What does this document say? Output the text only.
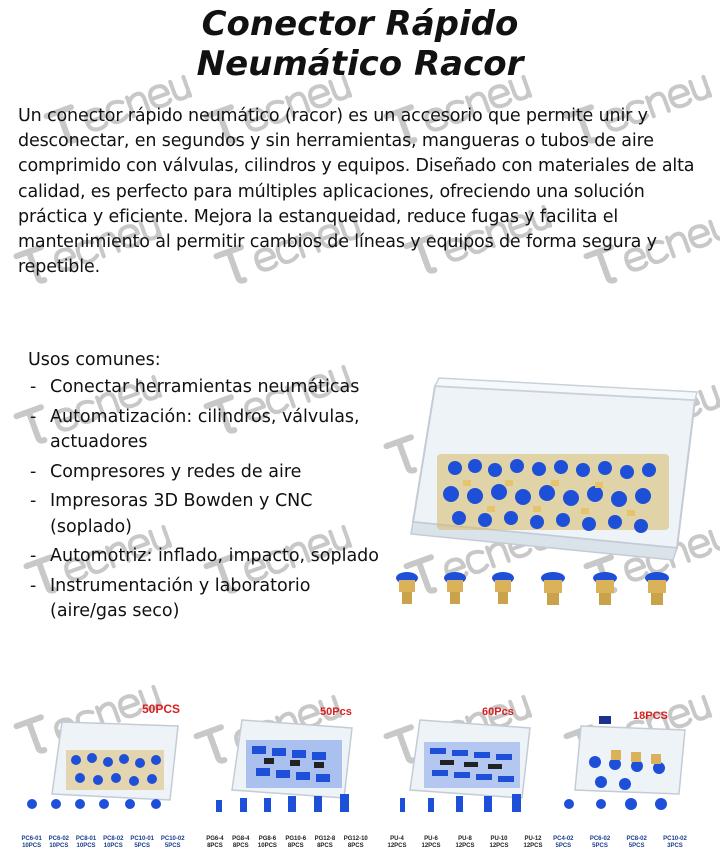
Conector Rápido
Neumático Racor

Un conector rápido neumático (racor) es un accesorio que permite unir y desconectar, en segundos y sin herramientas, mangueras o tubos de aire comprimido con válvulas, cilindros y equipos. Diseñado con materiales de alta calidad, es perfecto para múltiples aplicaciones, ofreciendo una solución práctica y eficiente. Mejora la estanqueidad, reduce fugas y facilita el mantenimiento al permitir cambios de líneas y equipos de forma segura y repetible.

Usos comunes:
- Conectar herramientas neumáticas
- Automatización: cilindros, válvulas, actuadores
- Compresores y redes de aire
- Impresoras 3D Bowden y CNC (soplado)
- Automotriz: inflado, impacto, soplado
- Instrumentación y laboratorio (aire/gas seco)
50PCS
PC6-01
10PCS
PC6-02
10PCS
PC8-01
10PCS
PC8-02
10PCS
PC10-01
5PCS
PC10-02
5PCS
50Pcs
PG6-4
8PCS
PG8-4
8PCS
PG8-6
10PCS
PG10-6
8PCS
PG12-8
8PCS
PG12-10
8PCS
60Pcs
PU-4
12PCS
PU-6
12PCS
PU-8
12PCS
PU-10
12PCS
PU-12
12PCS
18PCS
PC4-02
5PCS
PC6-02
5PCS
PC8-02
5PCS
PC10-02
3PCS
